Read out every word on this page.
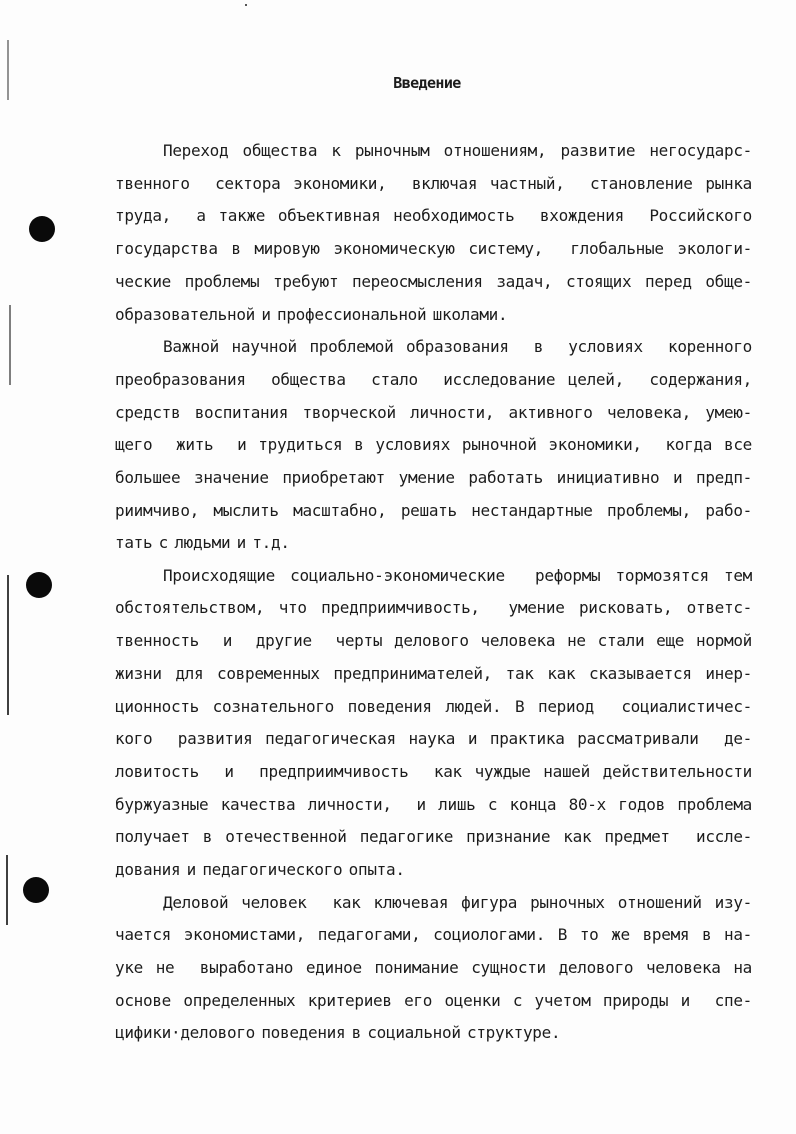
Введение
Переход общества к рыночным отношениям, развитие негосударс-
твенного  сектора экономики,  включая частный,  становление рынка
труда,  а также объективная необходимость  вхождения  Российского
государства в мировую экономическую систему,  глобальные экологи-
ческие проблемы требуют переосмысления задач, стоящих перед обще-
образовательной и профессиональной школами.
Важной научной проблемой образования  в  условиях  коренного
преобразования  общества  стало  исследование целей,  содержания,
средств воспитания творческой личности, активного человека, умею-
щего  жить  и трудиться в условиях рыночной экономики,  когда все
большее значение приобретают умение работать инициативно и предп-
риимчиво, мыслить масштабно, решать нестандартные проблемы, рабо-
тать с людьми и т.д.
Происходящие социально-экономические  реформы тормозятся тем
обстоятельством, что предприимчивость,  умение рисковать, ответс-
твенность  и  другие  черты делового человека не стали еще нормой
жизни для современных предпринимателей, так как сказывается инер-
ционность сознательного поведения людей. В период  социалистичес-
кого  развития педагогическая наука и практика рассматривали  де-
ловитость  и  предприимчивость  как чуждые нашей действительности
буржуазные качества личности,  и лишь с конца 80-х годов проблема
получает в отечественной педагогике признание как предмет  иссле-
дования и педагогического опыта.
Деловой человек  как ключевая фигура рыночных отношений изу-
чается экономистами, педагогами, социологами. В то же время в на-
уке не  выработано единое понимание сущности делового человека на
основе определенных критериев его оценки с учетом природы и  спе-
цифики·делового поведения в социальной структуре.
